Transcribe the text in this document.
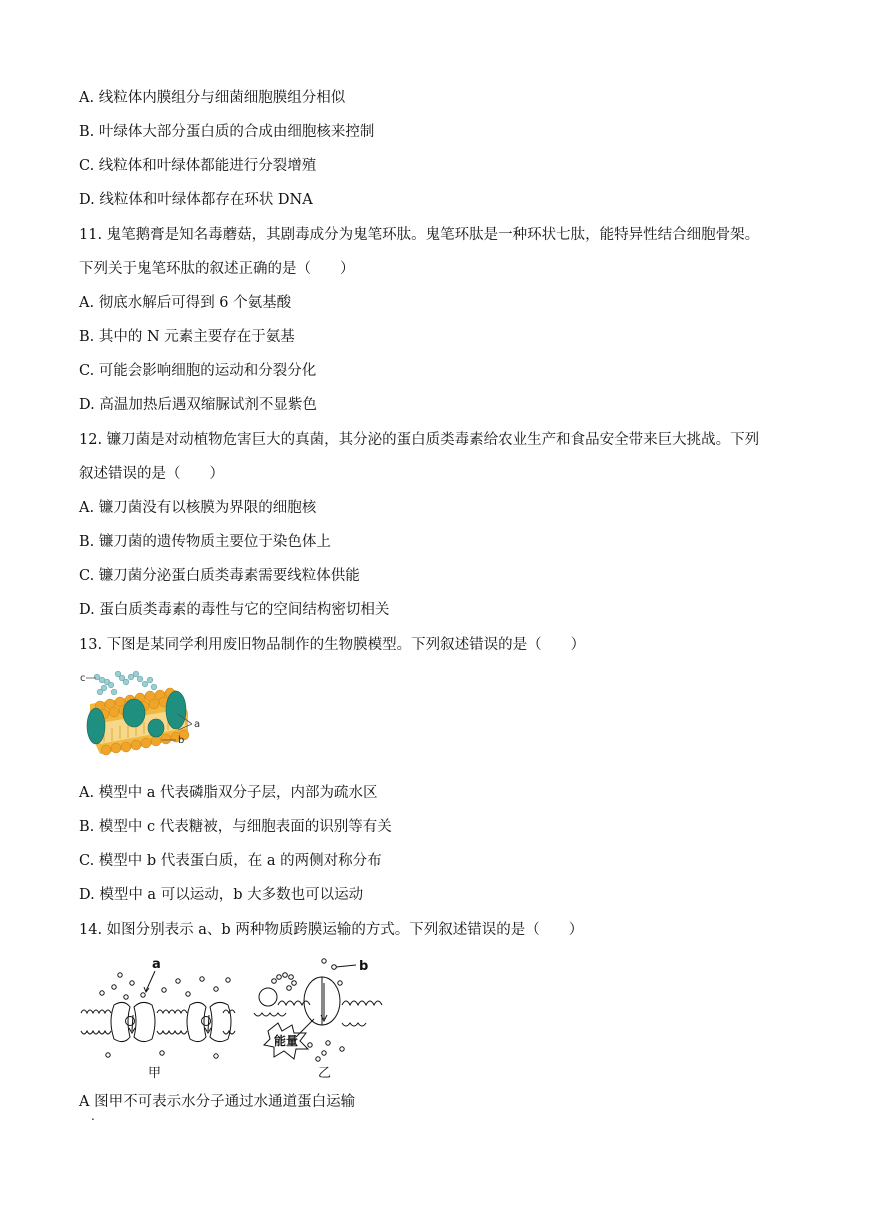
A. 线粒体内膜组分与细菌细胞膜组分相似
B. 叶绿体大部分蛋白质的合成由细胞核来控制
C. 线粒体和叶绿体都能进行分裂增殖
D. 线粒体和叶绿体都存在环状 DNA
11. 鬼笔鹅膏是知名毒蘑菇，其剧毒成分为鬼笔环肽。鬼笔环肽是一种环状七肽，能特异性结合细胞骨架。
下列关于鬼笔环肽的叙述正确的是（　　）
A. 彻底水解后可得到 6 个氨基酸
B. 其中的 N 元素主要存在于氨基
C. 可能会影响细胞的运动和分裂分化
D. 高温加热后遇双缩脲试剂不显紫色
12. 镰刀菌是对动植物危害巨大的真菌，其分泌的蛋白质类毒素给农业生产和食品安全带来巨大挑战。下列
叙述错误的是（　　）
A. 镰刀菌没有以核膜为界限的细胞核
B. 镰刀菌的遗传物质主要位于染色体上
C. 镰刀菌分泌蛋白质类毒素需要线粒体供能
D. 蛋白质类毒素的毒性与它的空间结构密切相关
13. 下图是某同学利用废旧物品制作的生物膜模型。下列叙述错误的是（　　）
c
a
b
A. 模型中 a 代表磷脂双分子层，内部为疏水区
B. 模型中 c 代表糖被，与细胞表面的识别等有关
C. 模型中 b 代表蛋白质，在 a 的两侧对称分布
D. 模型中 a 可以运动，b 大多数也可以运动
14. 如图分别表示 a、b 两种物质跨膜运输的方式。下列叙述错误的是（　　）
a
甲
b
能量
乙
A 图甲不可表示水分子通过水通道蛋白运输
.
